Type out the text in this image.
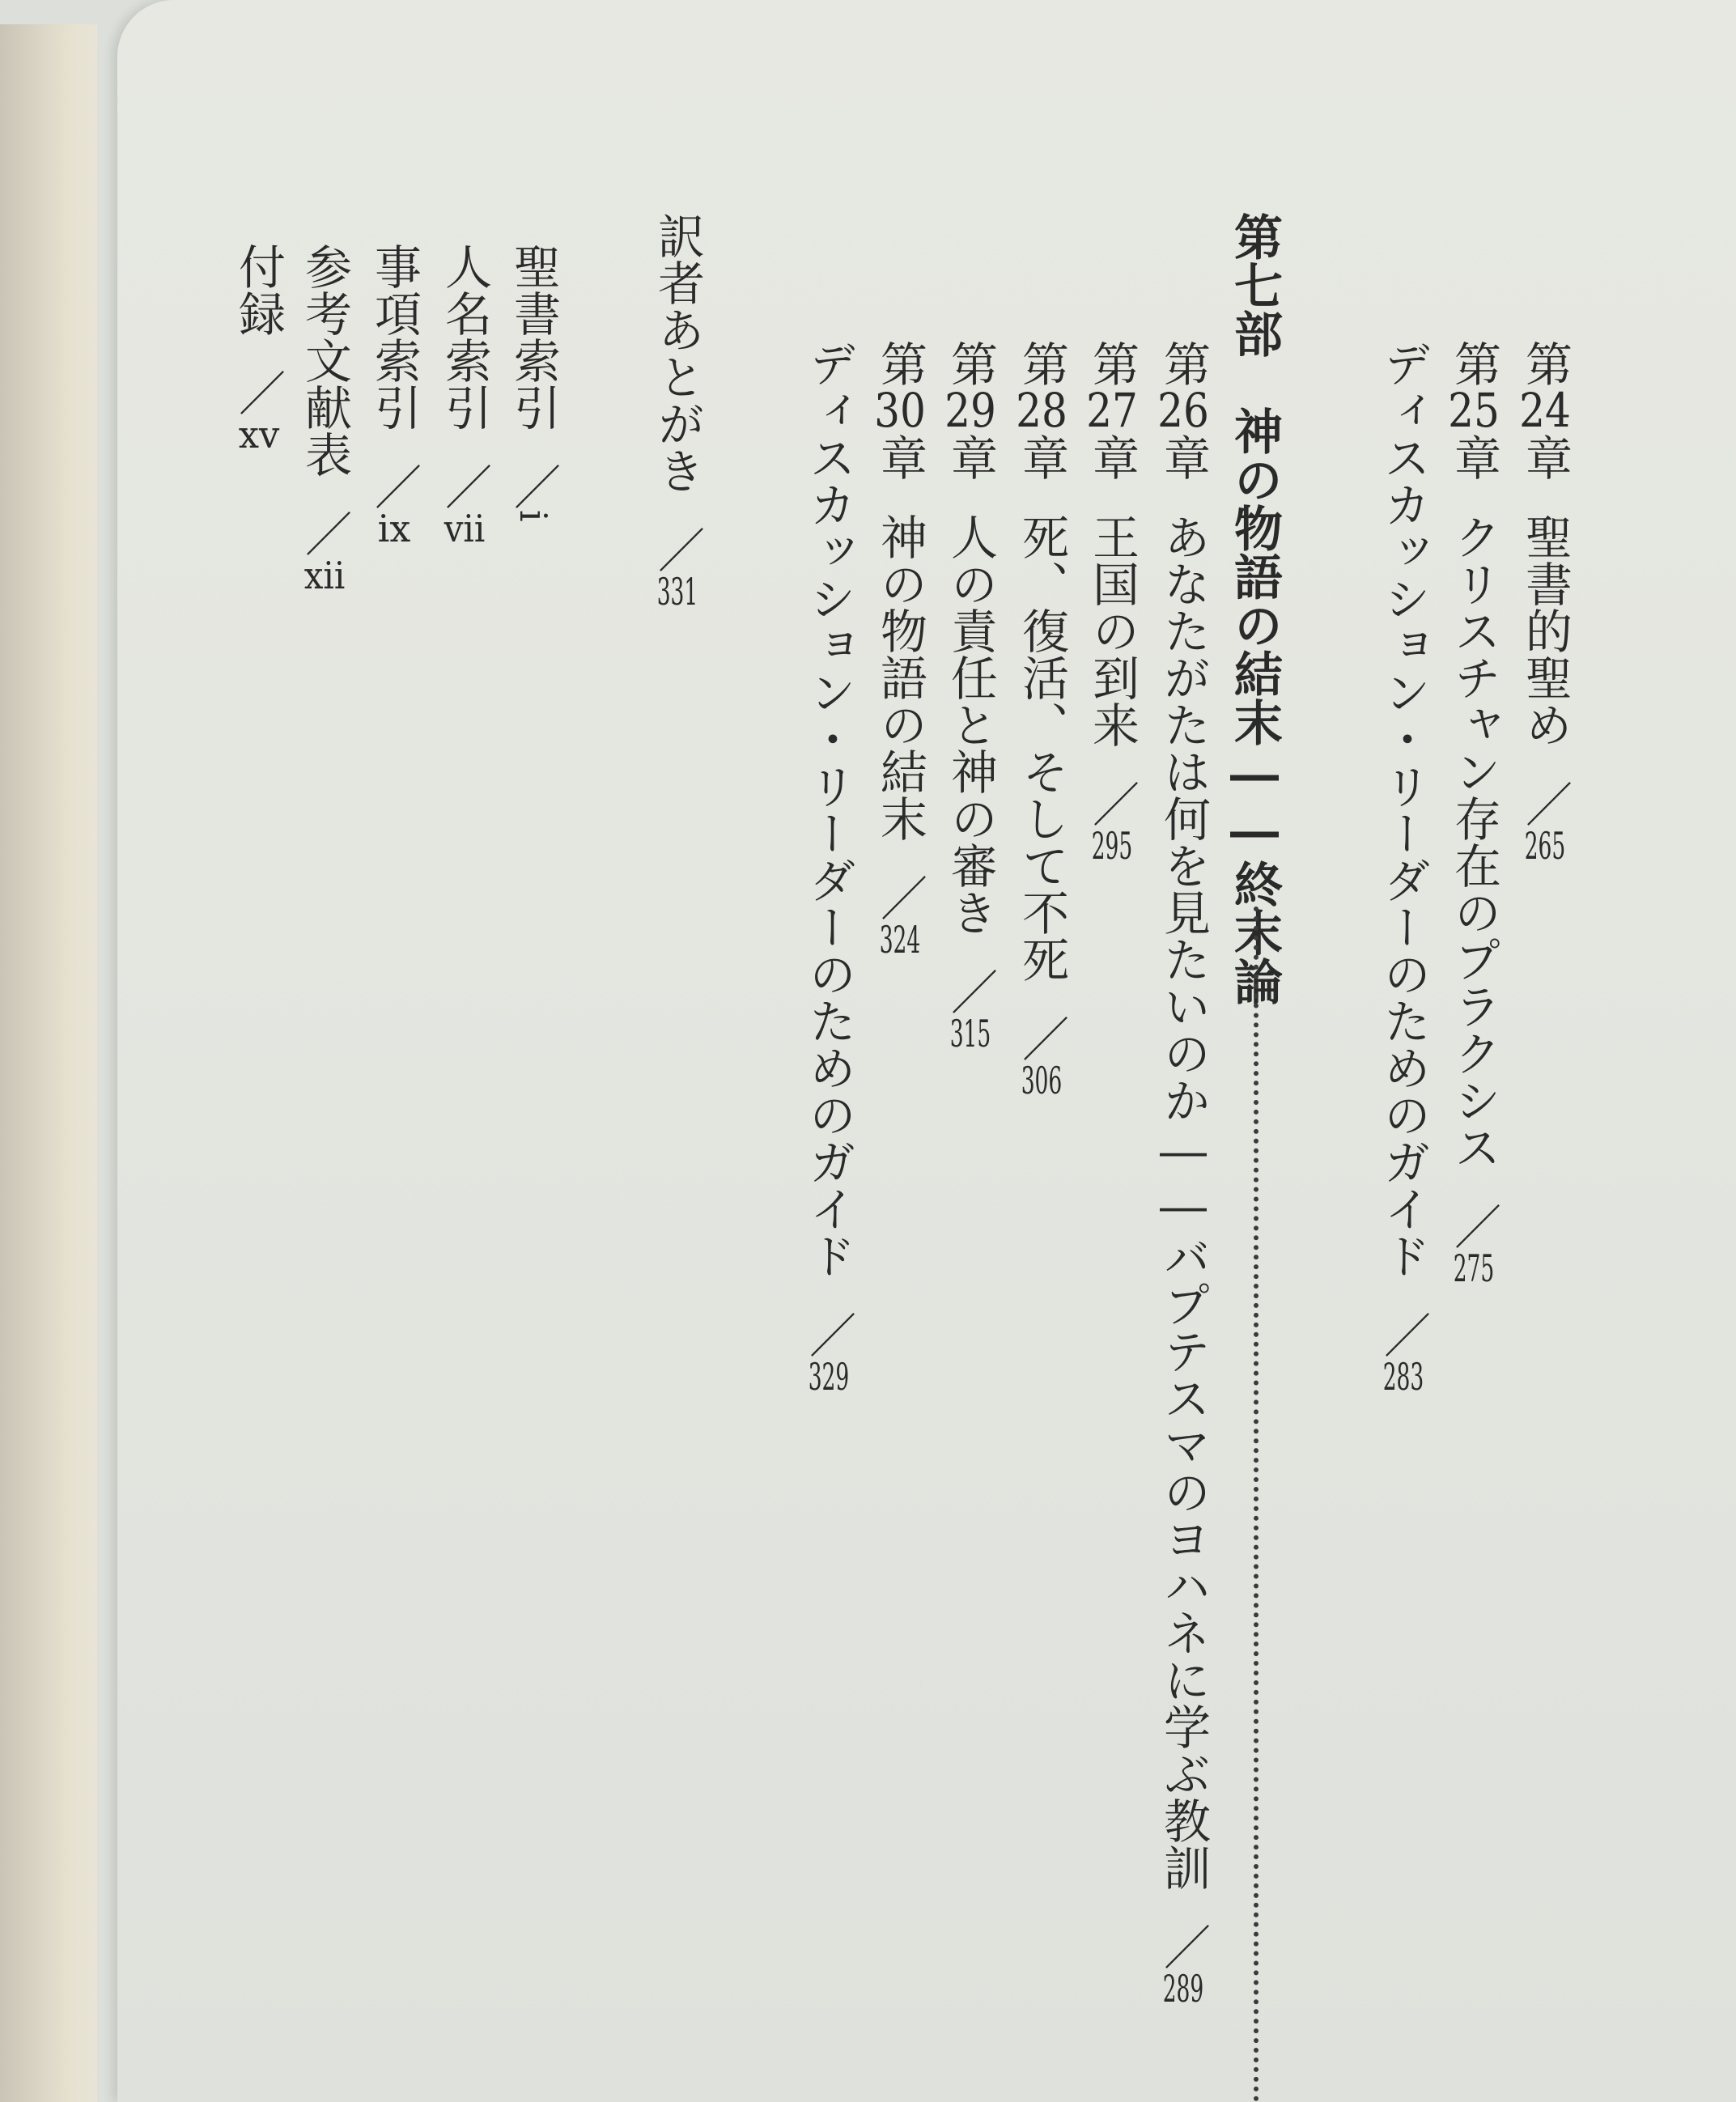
第24章聖書的聖め／265
第25章クリスチャン存在のプラクシス／275
ディスカッション・リーダーのためのガイド／283
第七部　神の物語の結末――終末論
第26章あなたがたは何を見たいのか――バプテスマのヨハネに学ぶ教訓／289
第27章王国の到来／295
第28章死、復活、そして不死／306
第29章人の責任と神の審き／315
第30章神の物語の結末／324
ディスカッション・リーダーのためのガイド／329
訳者あとがき／331
聖書索引／i
人名索引／vii
事項索引／ix
参考文献表／xii
付録／xv
